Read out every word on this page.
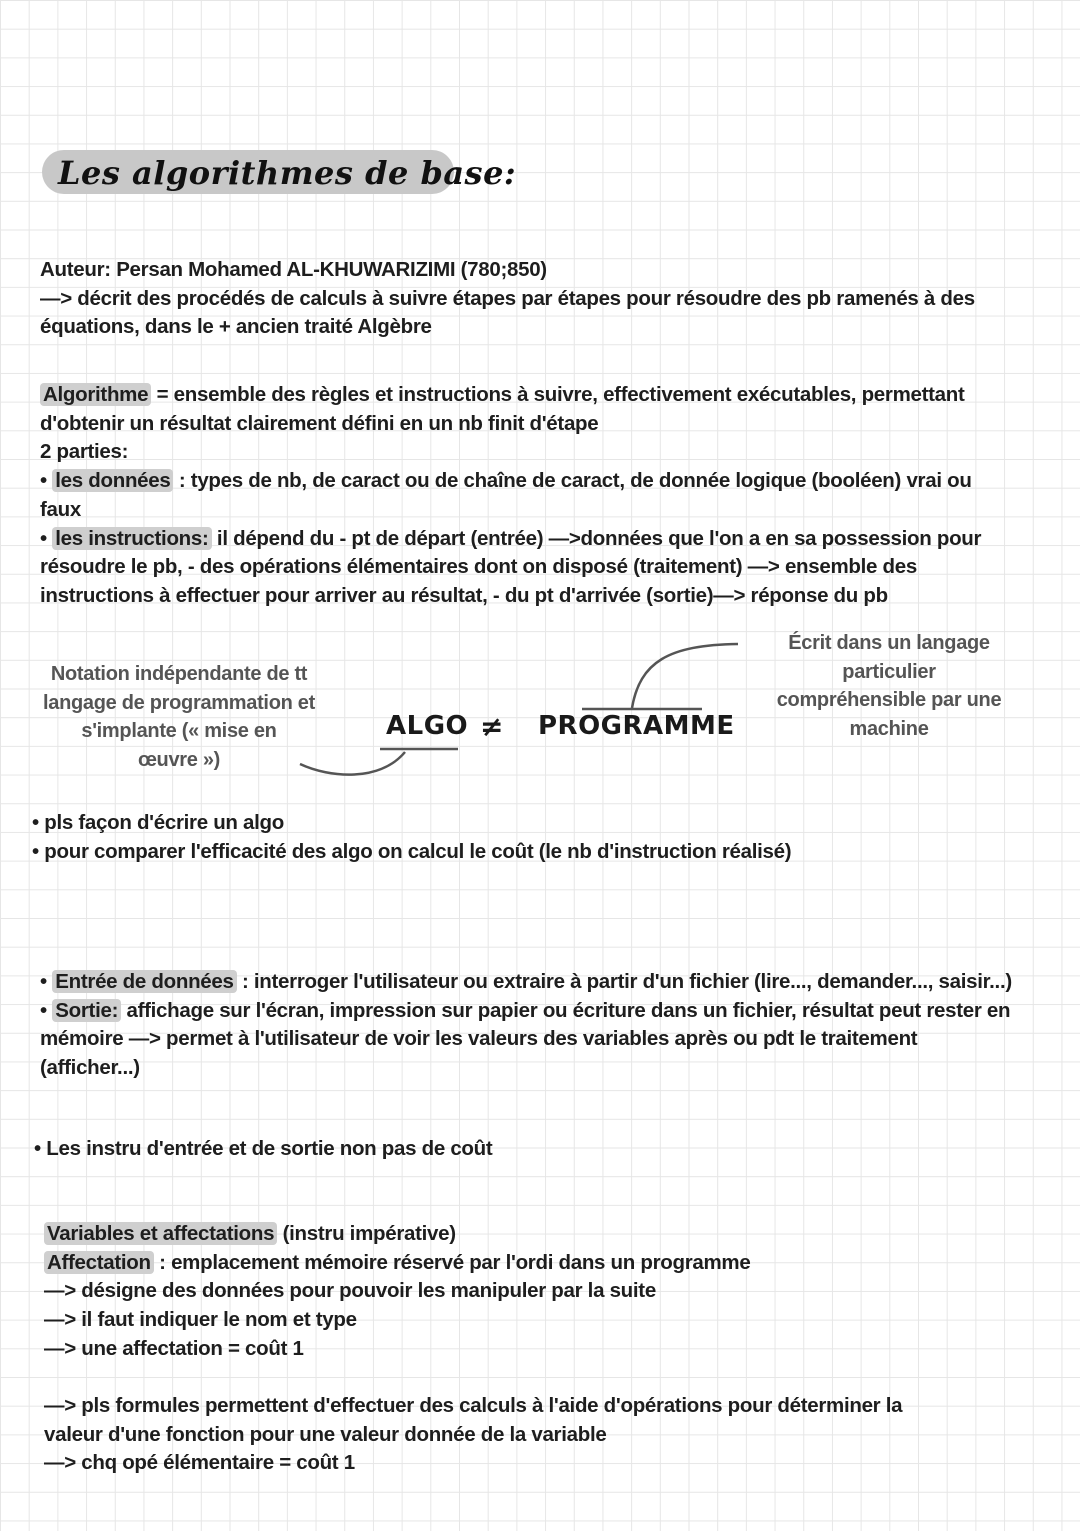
Les algorithmes de base:

Auteur: Persan Mohamed AL-KHUWARIZIMI (780;850)

—> décrit des procédés de calculs à suivre étapes par étapes pour résoudre des pb ramenés à des

équations, dans le + ancien traité Algèbre

Algorithme = ensemble des règles et instructions à suivre, effectivement exécutables, permettant

d'obtenir un résultat clairement défini en un nb finit d'étape

2 parties:

• les données : types de nb, de caract ou de chaîne de caract, de donnée logique (booléen) vrai ou

faux

• les instructions: il dépend du - pt de départ (entrée) —>données que l'on a en sa possession pour

résoudre le pb, - des opérations élémentaires dont on disposé (traitement) —> ensemble des

instructions à effectuer pour arriver au résultat, - du pt d'arrivée (sortie)—> réponse du pb

Notation indépendante de tt

langage de programmation et

s'implante (« mise en

œuvre »)

Écrit dans un langage

particulier

compréhensible par une

machine

ALGO ≠ PROGRAMME

• pls façon d'écrire un algo

• pour comparer l'efficacité des algo on calcul le coût (le nb d'instruction réalisé)

• Entrée de données : interroger l'utilisateur ou extraire à partir d'un fichier (lire..., demander..., saisir...)

• Sortie: affichage sur l'écran, impression sur papier ou écriture dans un fichier, résultat peut rester en

mémoire —> permet à l'utilisateur de voir les valeurs des variables après ou pdt le traitement

(afficher...)

• Les instru d'entrée et de sortie non pas de coût

Variables et affectations (instru impérative)

Affectation : emplacement mémoire réservé par l'ordi dans un programme

—> désigne des données pour pouvoir les manipuler par la suite

—> il faut indiquer le nom et type

—> une affectation = coût 1

—> pls formules permettent d'effectuer des calculs à l'aide d'opérations pour déterminer la

valeur d'une fonction pour une valeur donnée de la variable

—> chq opé élémentaire = coût 1
